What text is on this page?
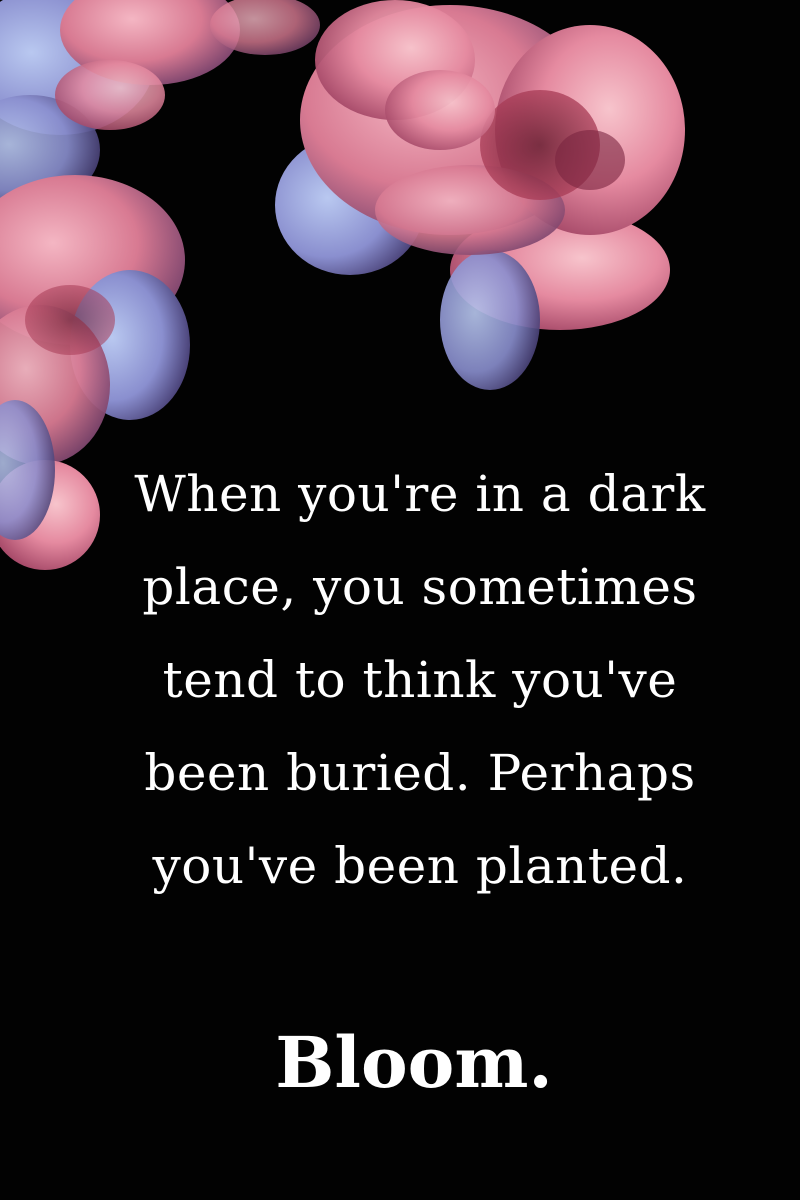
When you're in a dark
place, you sometimes
tend to think you've
been buried. Perhaps
you've been planted.

Bloom.
